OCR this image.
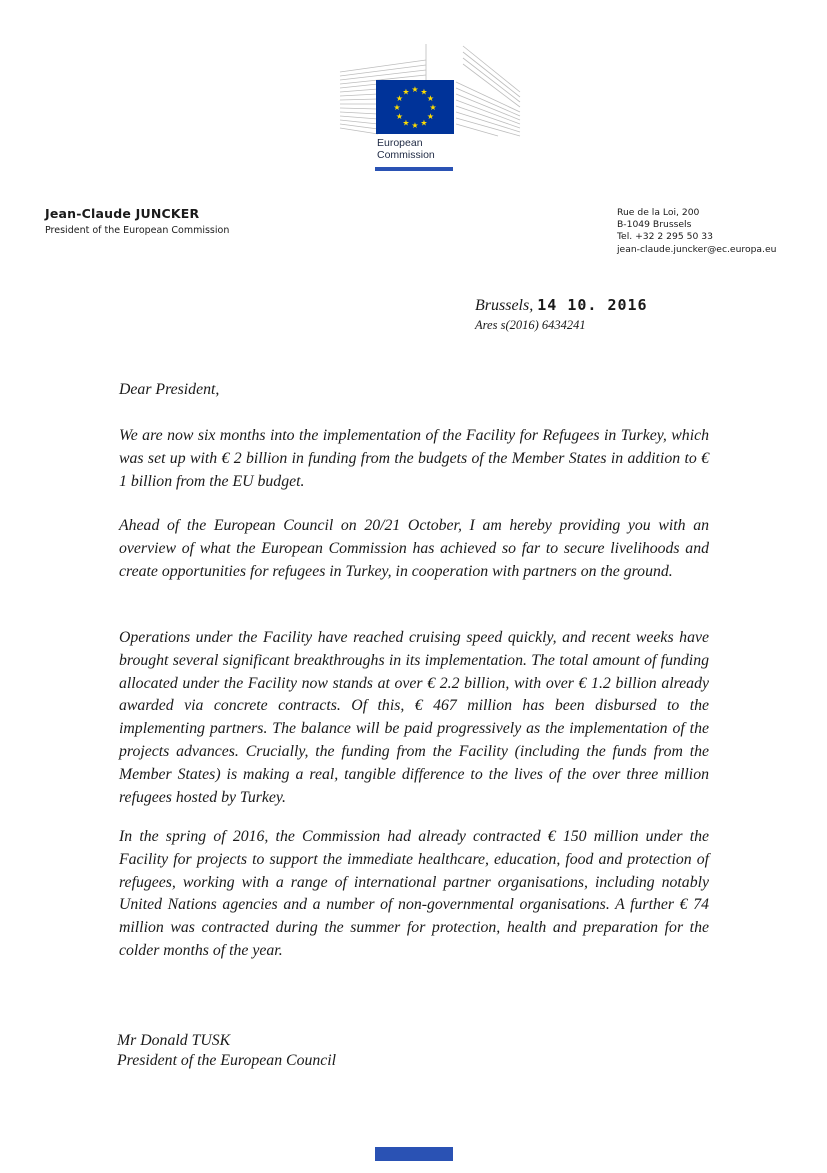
★ ★
★
★
★
★
★
★
★
★
★
★
European
Commission
Jean-Claude JUNCKER
President of the European Commission
Rue de la Loi, 200
B-1049 Brussels
Tel. +32 2 295 50 33
jean-claude.juncker@ec.europa.eu
Brussels, 14 10. 2016
Ares s(2016) 6434241

Dear President,

We are now six months into the implementation of the Facility for Refugees in Turkey, which was set up with € 2 billion in funding from the budgets of the Member States in addition to € 1 billion from the EU budget.

Ahead of the European Council on 20/21 October, I am hereby providing you with an overview of what the European Commission has achieved so far to secure livelihoods and create opportunities for refugees in Turkey, in cooperation with partners on the ground.

Operations under the Facility have reached cruising speed quickly, and recent weeks have brought several significant breakthroughs in its implementation. The total amount of funding allocated under the Facility now stands at over € 2.2 billion, with over € 1.2 billion already awarded via concrete contracts. Of this, € 467 million has been disbursed to the implementing partners. The balance will be paid progressively as the implementation of the projects advances. Crucially, the funding from the Facility (including the funds from the Member States) is making a real, tangible difference to the lives of the over three million refugees hosted by Turkey.

In the spring of 2016, the Commission had already contracted € 150 million under the Facility for projects to support the immediate healthcare, education, food and protection of refugees, working with a range of international partner organisations, including notably United Nations agencies and a number of non-governmental organisations. A further € 74 million was contracted during the summer for protection, health and preparation for the colder months of the year.

Mr Donald TUSK
President of the European Council
